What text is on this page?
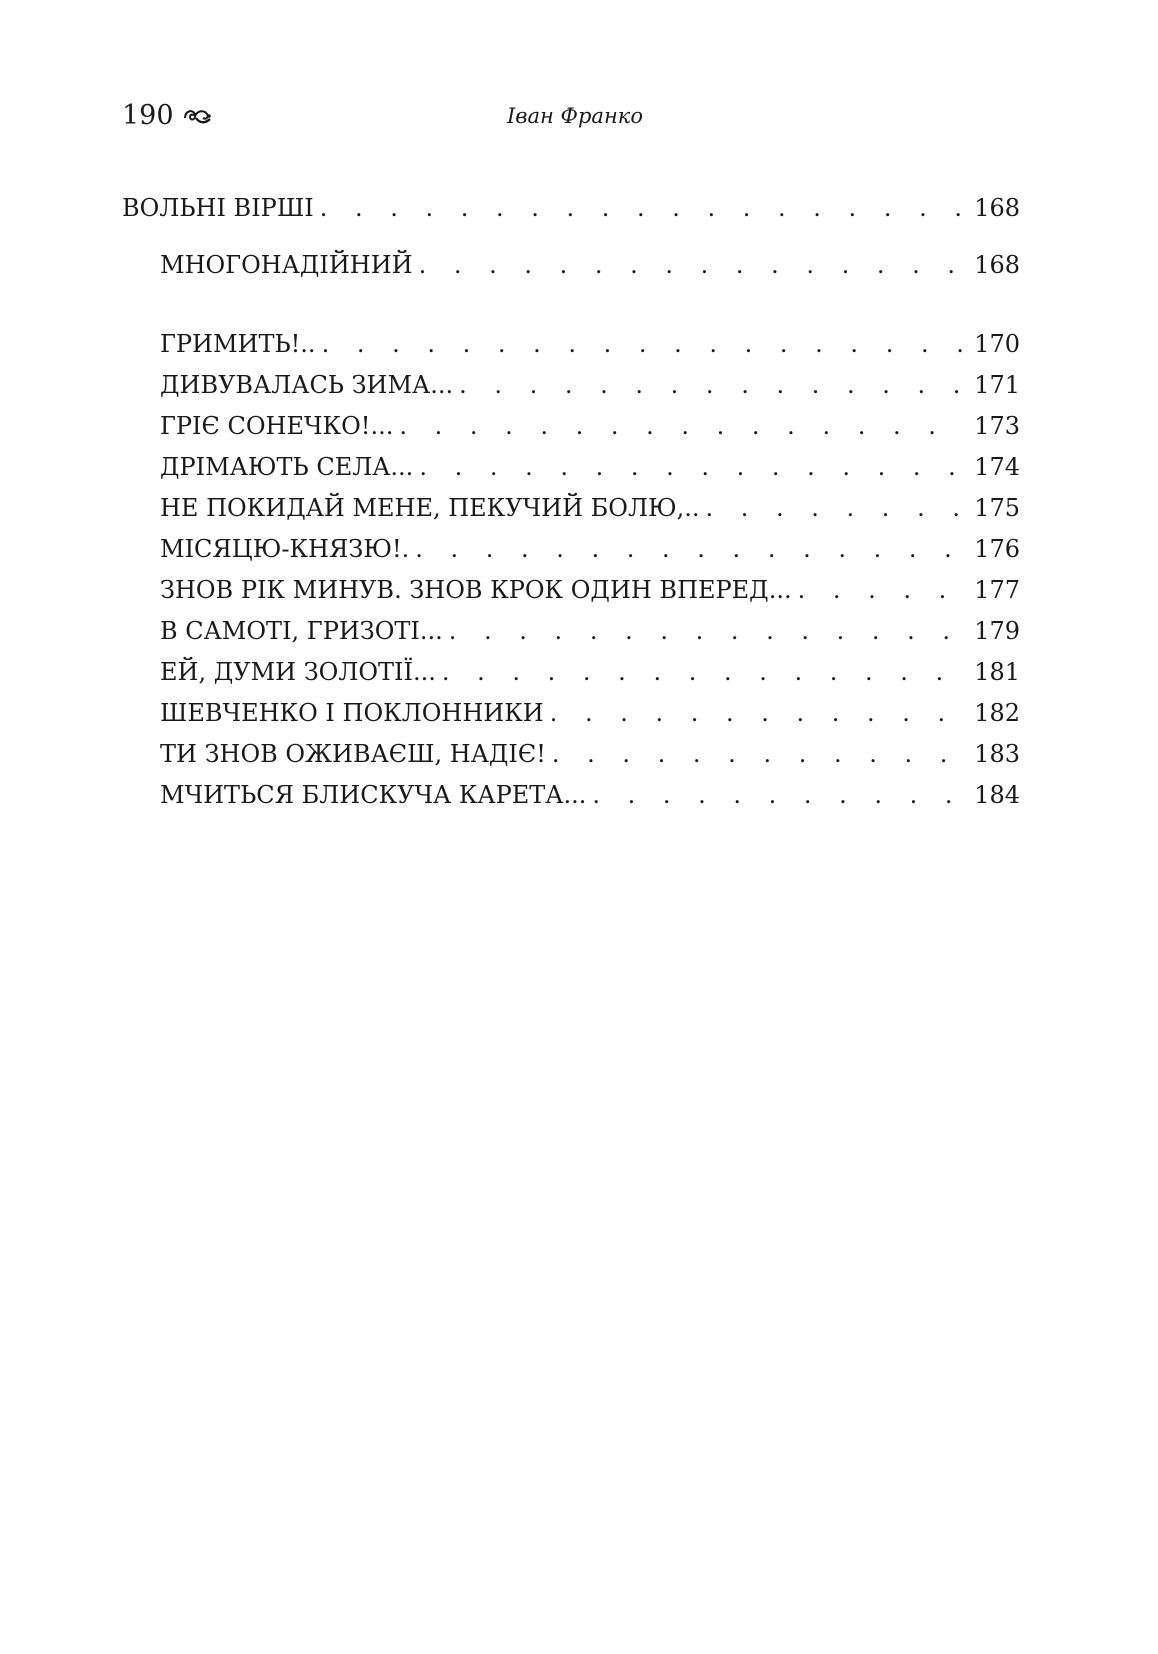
190	Іван Франко
ВОЛЬНІ ВІРШІ . . .	168
МНОГОНАДІЙНИЙ . . .	168
ГРИМИТЬ!.. . . .	170
ДИВУВАЛАСЬ ЗИМА... . . .	171
ГРІЄ СОНЕЧКО!... . . .	173
ДРІМАЮТЬ СЕЛА... . . .	174
НЕ ПОКИДАЙ МЕНЕ, ПЕКУЧИЙ БОЛЮ,.. . . .	175
МІСЯЦЮ-КНЯЗЮ!. . . .	176
ЗНОВ РІК МИНУВ. ЗНОВ КРОК ОДИН ВПЕРЕД... . . .	177
В САМОТІ, ГРИЗОТІ... . . .	179
ЕЙ, ДУМИ ЗОЛОТІЇ... . . .	181
ШЕВЧЕНКО І ПОКЛОННИКИ . . .	182
ТИ ЗНОВ ОЖИВАЄШ, НАДІЄ! . . .	183
МЧИТЬСЯ БЛИСКУЧА КАРЕТА... . . .	184
